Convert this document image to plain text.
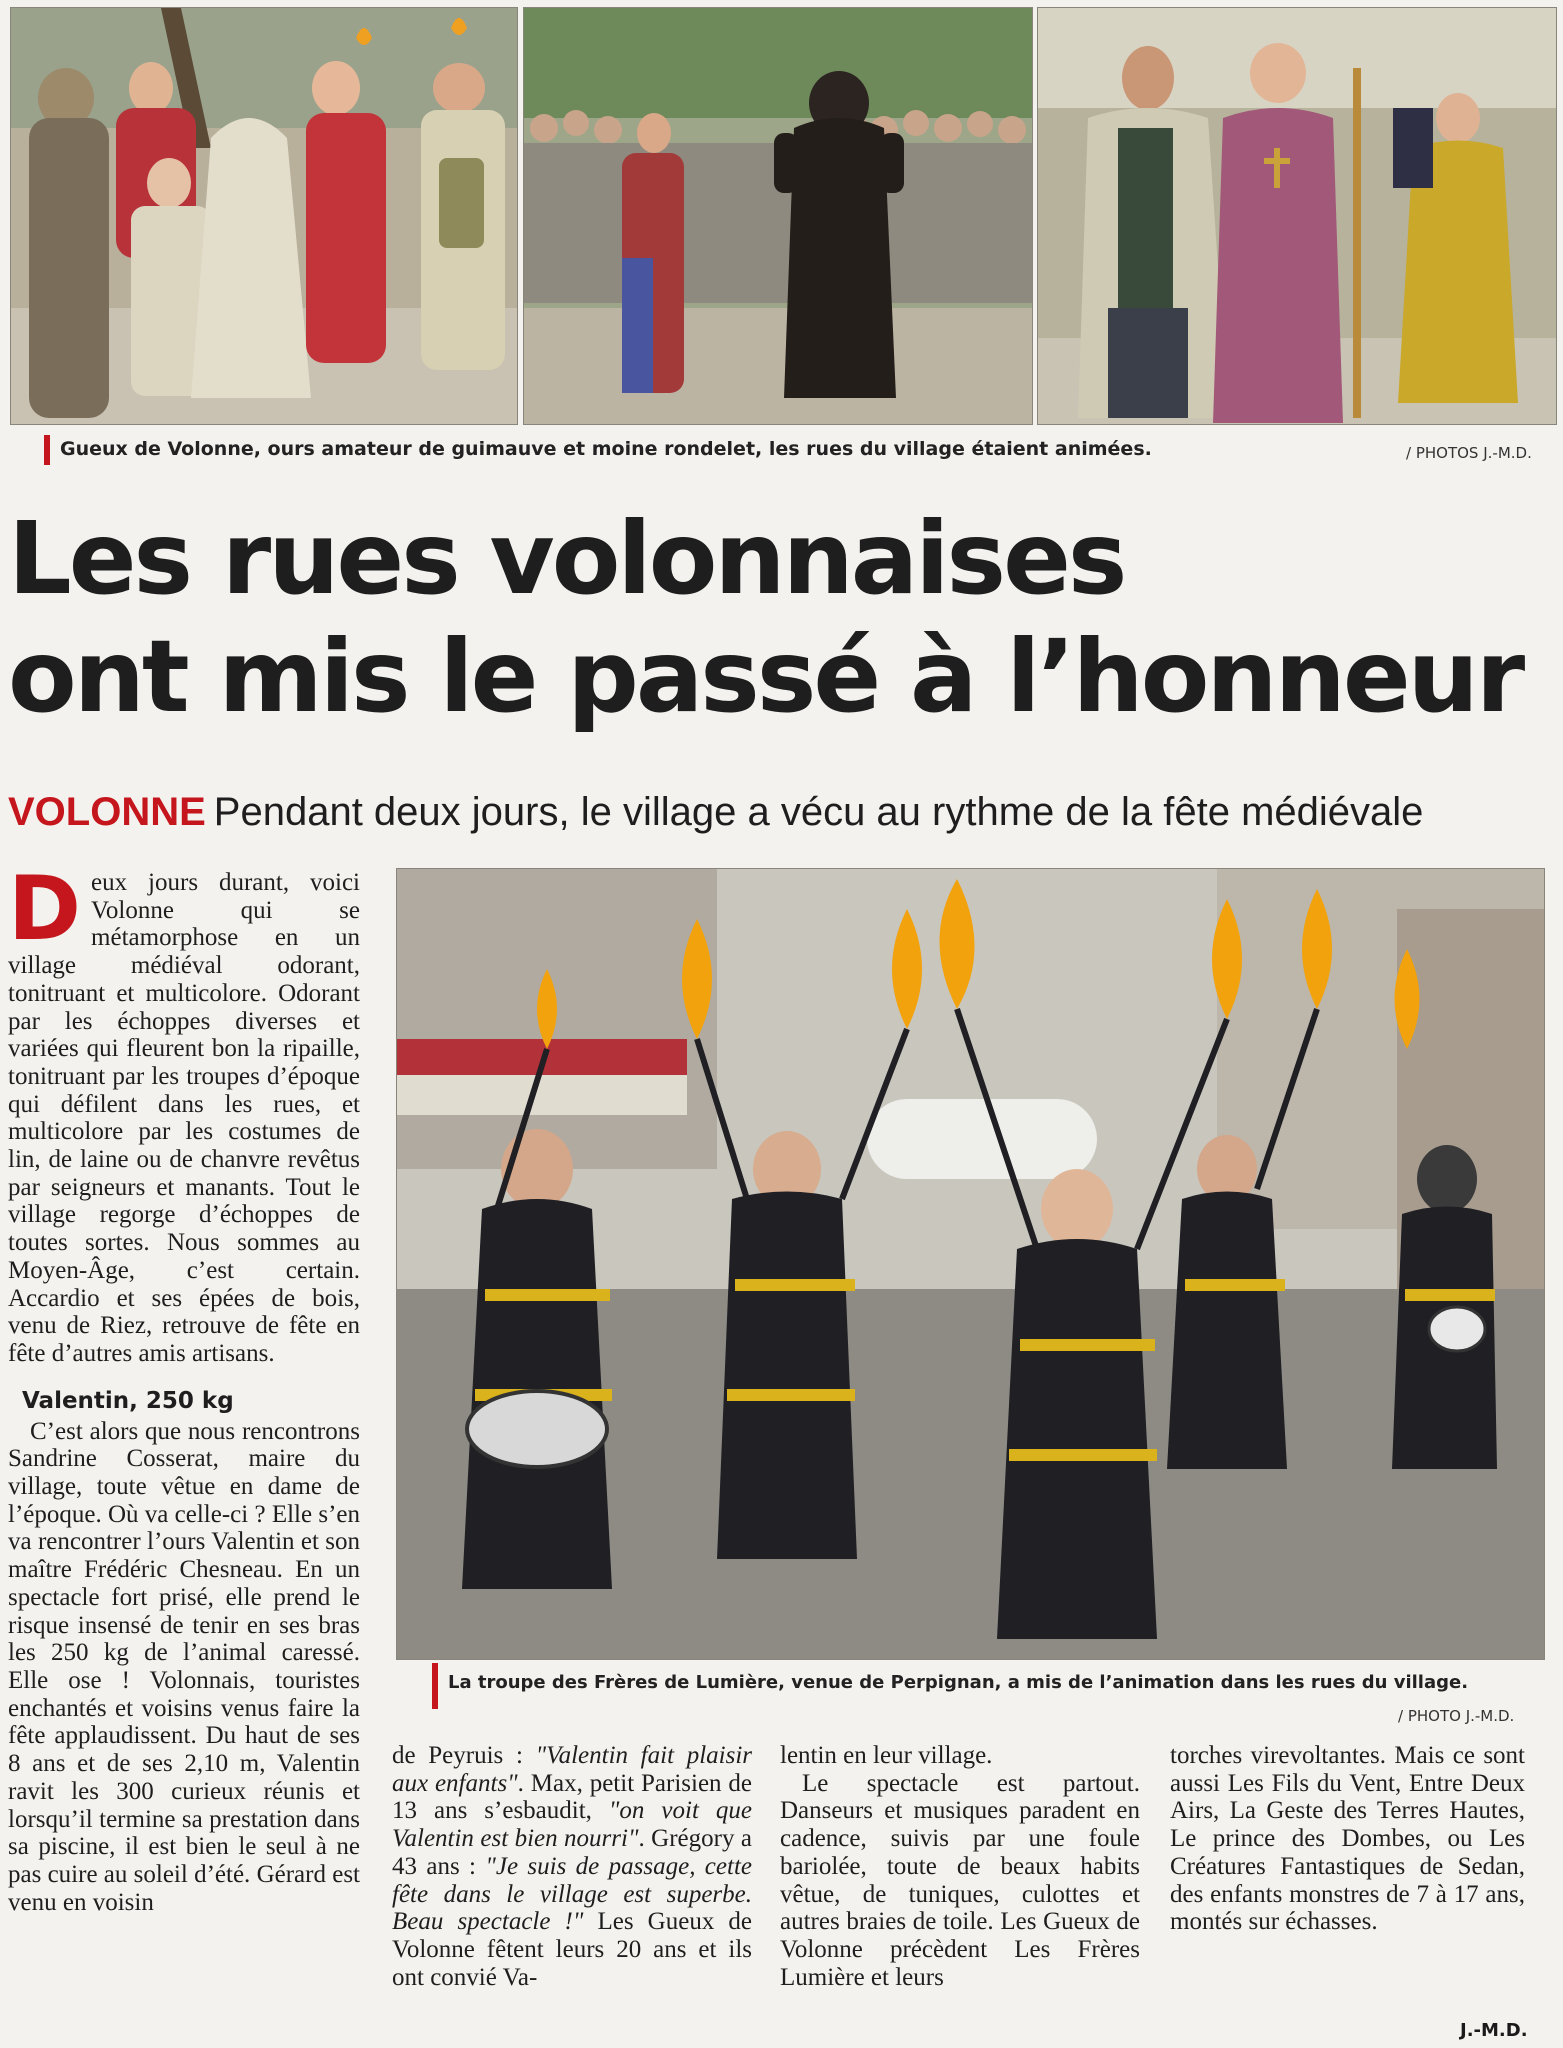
Gueux de Volonne, ours amateur de guimauve et moine rondelet, les rues du village étaient animées.	/ PHOTOS J.-M.D.
Les rues volonnaises
ont mis le passé à l’honneur
VOLONNE Pendant deux jours, le village a vécu au rythme de la fête médiévale

Deux jours durant, voici Volonne qui se métamorphose en un village médiéval odorant, tonitruant et multicolore. Odorant par les échoppes diverses et variées qui fleurent bon la ripaille, tonitruant par les troupes d’époque qui défilent dans les rues, et multicolore par les costumes de lin, de laine ou de chanvre revêtus par seigneurs et manants. Tout le village regorge d’échoppes de toutes sortes. Nous sommes au Moyen-Âge, c’est certain. Accardio et ses épées de bois, venu de Riez, retrouve de fête en fête d’autres amis artisans.

Valentin, 250 kg

C’est alors que nous rencontrons Sandrine Cosserat, maire du village, toute vêtue en dame de l’époque. Où va celle-ci ? Elle s’en va rencontrer l’ours Valentin et son maître Frédéric Chesneau. En un spectacle fort prisé, elle prend le risque insensé de tenir en ses bras les 250 kg de l’animal caressé. Elle ose ! Volonnais, touristes enchantés et voisins venus faire la fête applaudissent. Du haut de ses 8 ans et de ses 2,10 m, Valentin ravit les 300 curieux réunis et lorsqu’il termine sa prestation dans sa piscine, il est bien le seul à ne pas cuire au soleil d’été. Gérard est venu en voisin

La troupe des Frères de Lumière, venue de Perpignan, a mis de l’animation dans les rues du village.
/ PHOTO J.-M.D.

de Peyruis : "Valentin fait plaisir aux enfants". Max, petit Parisien de 13 ans s’esbaudit, "on voit que Valentin est bien nourri". Grégory a 43 ans : "Je suis de passage, cette fête dans le village est superbe. Beau spectacle !" Les Gueux de Volonne fêtent leurs 20 ans et ils ont convié Va-

lentin en leur village.

Le spectacle est partout. Danseurs et musiques paradent en cadence, suivis par une foule bariolée, toute de beaux habits vêtue, de tuniques, culottes et autres braies de toile. Les Gueux de Volonne précèdent Les Frères Lumière et leurs

torches virevoltantes. Mais ce sont aussi Les Fils du Vent, Entre Deux Airs, La Geste des Terres Hautes, Le prince des Dombes, ou Les Créatures Fantastiques de Sedan, des enfants monstres de 7 à 17 ans, montés sur échasses.

J.-M.D.
